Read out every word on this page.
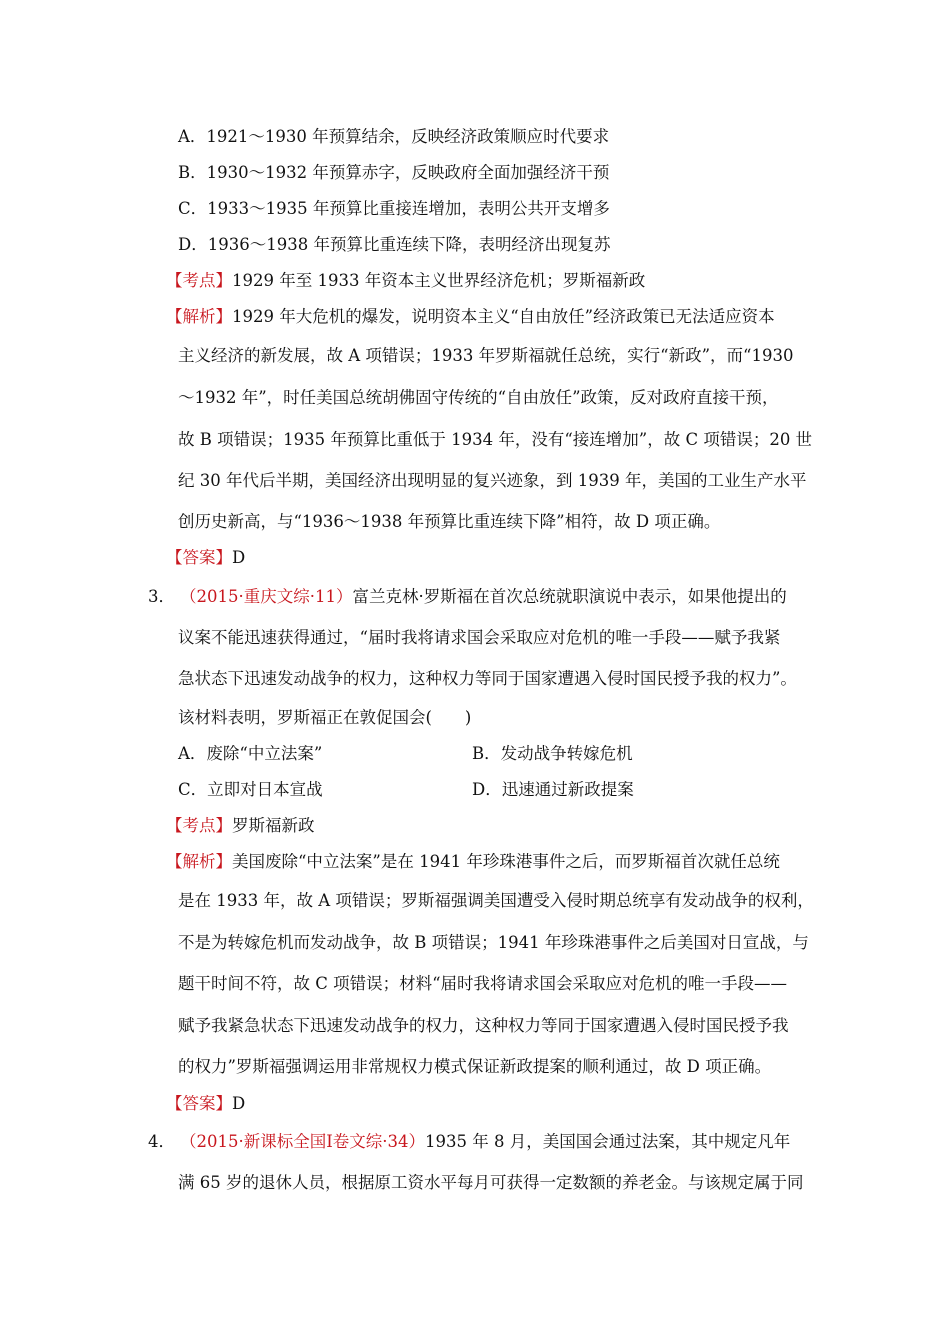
A．1921～1930 年预算结余，反映经济政策顺应时代要求
B．1930～1932 年预算赤字，反映政府全面加强经济干预
C．1933～1935 年预算比重接连增加，表明公共开支增多
D．1936～1938 年预算比重连续下降，表明经济出现复苏
【考点】1929 年至 1933 年资本主义世界经济危机；罗斯福新政
【解析】1929 年大危机的爆发，说明资本主义“自由放任”经济政策已无法适应资本
主义经济的新发展，故 A 项错误；1933 年罗斯福就任总统，实行“新政”，而“1930
～1932 年”，时任美国总统胡佛固守传统的“自由放任”政策，反对政府直接干预，
故 B 项错误；1935 年预算比重低于 1934 年，没有“接连增加”，故 C 项错误；20 世
纪 30 年代后半期，美国经济出现明显的复兴迹象，到 1939 年，美国的工业生产水平
创历史新高，与“1936～1938 年预算比重连续下降”相符，故 D 项正确。
【答案】D
3． （2015·重庆文综·11）富兰克林·罗斯福在首次总统就职演说中表示，如果他提出的
议案不能迅速获得通过，“届时我将请求国会采取应对危机的唯一手段——赋予我紧
急状态下迅速发动战争的权力，这种权力等同于国家遭遇入侵时国民授予我的权力”。
该材料表明，罗斯福正在敦促国会(　　)
A．废除“中立法案”	B．发动战争转嫁危机
C．立即对日本宣战	D．迅速通过新政提案
【考点】罗斯福新政
【解析】美国废除“中立法案”是在 1941 年珍珠港事件之后，而罗斯福首次就任总统
是在 1933 年，故 A 项错误；罗斯福强调美国遭受入侵时期总统享有发动战争的权利，
不是为转嫁危机而发动战争，故 B 项错误；1941 年珍珠港事件之后美国对日宣战，与
题干时间不符，故 C 项错误；材料“届时我将请求国会采取应对危机的唯一手段——
赋予我紧急状态下迅速发动战争的权力，这种权力等同于国家遭遇入侵时国民授予我
的权力”罗斯福强调运用非常规权力模式保证新政提案的顺利通过，故 D 项正确。
【答案】D
4． （2015·新课标全国Ⅰ卷文综·34）1935 年 8 月，美国国会通过法案，其中规定凡年
满 65 岁的退休人员，根据原工资水平每月可获得一定数额的养老金。与该规定属于同
